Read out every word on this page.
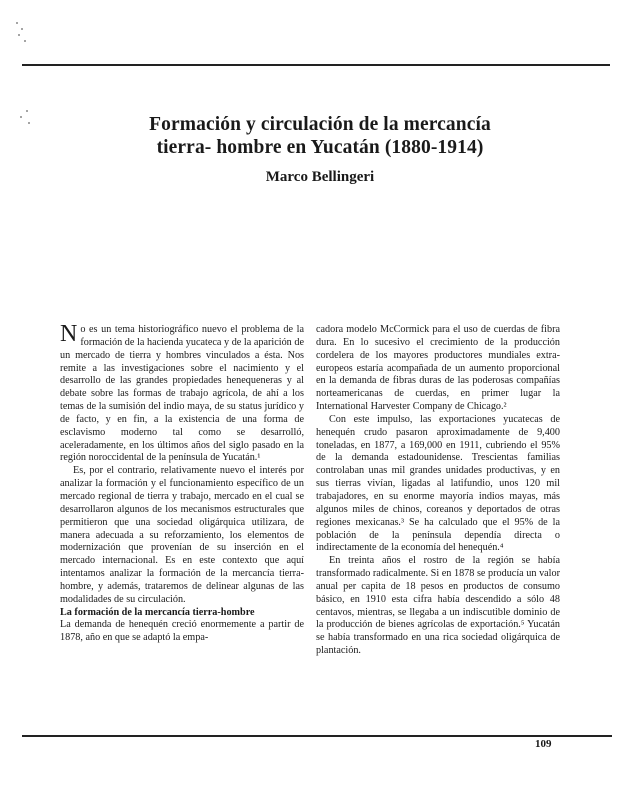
Formación y circulación de la mercancía
tierra- hombre en Yucatán (1880-1914)
Marco Bellingeri

No es un tema historiográfico nuevo el problema de la formación de la hacienda yucateca y de la aparición de un mercado de tierra y hombres vinculados a ésta. Nos remite a las investigaciones sobre el nacimiento y el desarrollo de las grandes propiedades henequeneras y al debate sobre las formas de trabajo agrícola, de ahí a los temas de la sumisión del indio maya, de su status jurídico y de facto, y en fin, a la existencia de una forma de esclavismo moderno tal como se desarrolló, aceleradamente, en los últimos años del siglo pasado en la región noroccidental de la península de Yucatán.¹

Es, por el contrario, relativamente nuevo el interés por analizar la formación y el funcionamiento específico de un mercado regional de tierra y trabajo, mercado en el cual se desarrollaron algunos de los mecanismos estructurales que permitieron que una sociedad oligárquica utilizara, de manera adecuada a su reforzamiento, los elementos de modernización que provenían de su inserción en el mercado internacional. Es en este contexto que aquí intentamos analizar la formación de la mercancía tierra-hombre, y además, trataremos de delinear algunas de las modalidades de su circulación.

La formación de la mercancía tierra-hombre

La demanda de henequén creció enormemente a partir de 1878, año en que se adaptó la empa-

cadora modelo McCormick para el uso de cuerdas de fibra dura. En lo sucesivo el crecimiento de la producción cordelera de los mayores productores mundiales extra-europeos estaría acompañada de un aumento proporcional en la demanda de fibras duras de las poderosas compañías norteamericanas de cuerdas, en primer lugar la International Harvester Company de Chicago.²

Con este impulso, las exportaciones yucatecas de henequén crudo pasaron aproximadamente de 9,400 toneladas, en 1877, a 169,000 en 1911, cubriendo el 95% de la demanda estadounidense. Trescientas familias controlaban unas mil grandes unidades productivas, y en sus tierras vivían, ligadas al latifundio, unos 120 mil trabajadores, en su enorme mayoría indios mayas, más algunos miles de chinos, coreanos y deportados de otras regiones mexicanas.³ Se ha calculado que el 95% de la población de la península dependía directa o indirectamente de la economía del henequén.⁴

En treinta años el rostro de la región se había transformado radicalmente. Si en 1878 se producía un valor anual per capita de 18 pesos en productos de consumo básico, en 1910 esta cifra había descendido a sólo 48 centavos, mientras, se llegaba a un indiscutible dominio de la producción de bienes agrícolas de exportación.⁵ Yucatán se había transformado en una rica sociedad oligárquica de plantación.

109
